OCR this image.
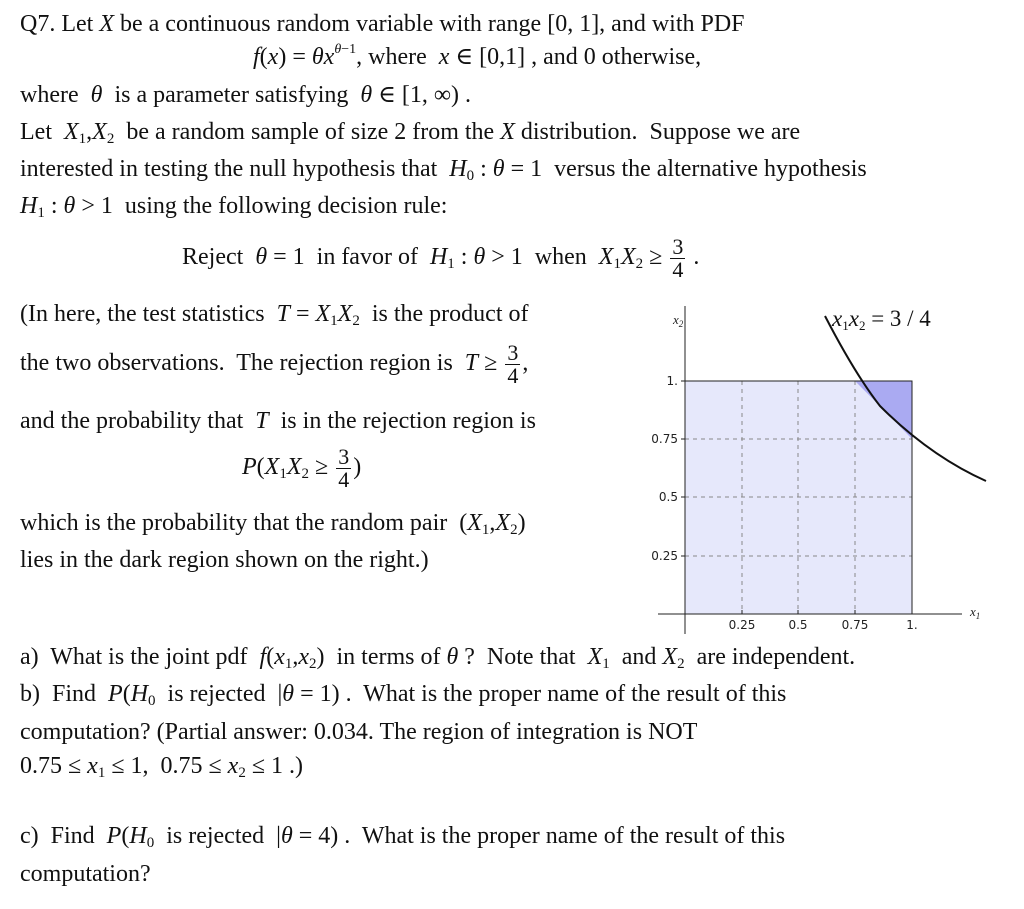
Q7. Let X be a continuous random variable with range [0, 1], and with PDF
$f(x) = \theta x^{\theta-1}$, where  x ∈ [0,1] , and 0 otherwise,
where  θ  is a parameter satisfying  θ ∈ [1, ∞) .
Let  $X_1,X_2$  be a random sample of size 2 from the X distribution.  Suppose we are
interested in testing the null hypothesis that  $H_0$ : θ = 1  versus the alternative hypothesis
$H_1$ : θ > 1  using the following decision rule:
Reject  θ = 1  in favor of  $H_1$ : θ > 1  when  $X_1X_2 \ge \frac{3}{4}$ .
(In here, the test statistics  $T = X_1X_2$  is the product of
the two observations.  The rejection region is  $T \ge \frac{3}{4}$ ,
and the probability that  T  is in the rejection region is
$P(X_1X_2 \ge \frac{3}{4}$ )
which is the probability that the random pair  $(X_1,X_2)$
lies in the dark region shown on the right.)
1.
0.75
0.5
0.25
0.25	0.5	0.75	1.
$x_2$
$x_1$
x1x2 = 3 / 4
a)  What is the joint pdf  $f(x_1,x_2)$  in terms of θ ?  Note that  $X_1$  and $X_2$  are independent.
b)  Find  $P(H_0$  is rejected  |θ = 1) .  What is the proper name of the result of this
computation? (Partial answer: 0.034. The region of integration is NOT
$0.75 \le x_1 \le 1$,  $0.75 \le x_2 \le 1$ .)
c)  Find  $P(H_0$  is rejected  |θ = 4) .  What is the proper name of the result of this
computation?
